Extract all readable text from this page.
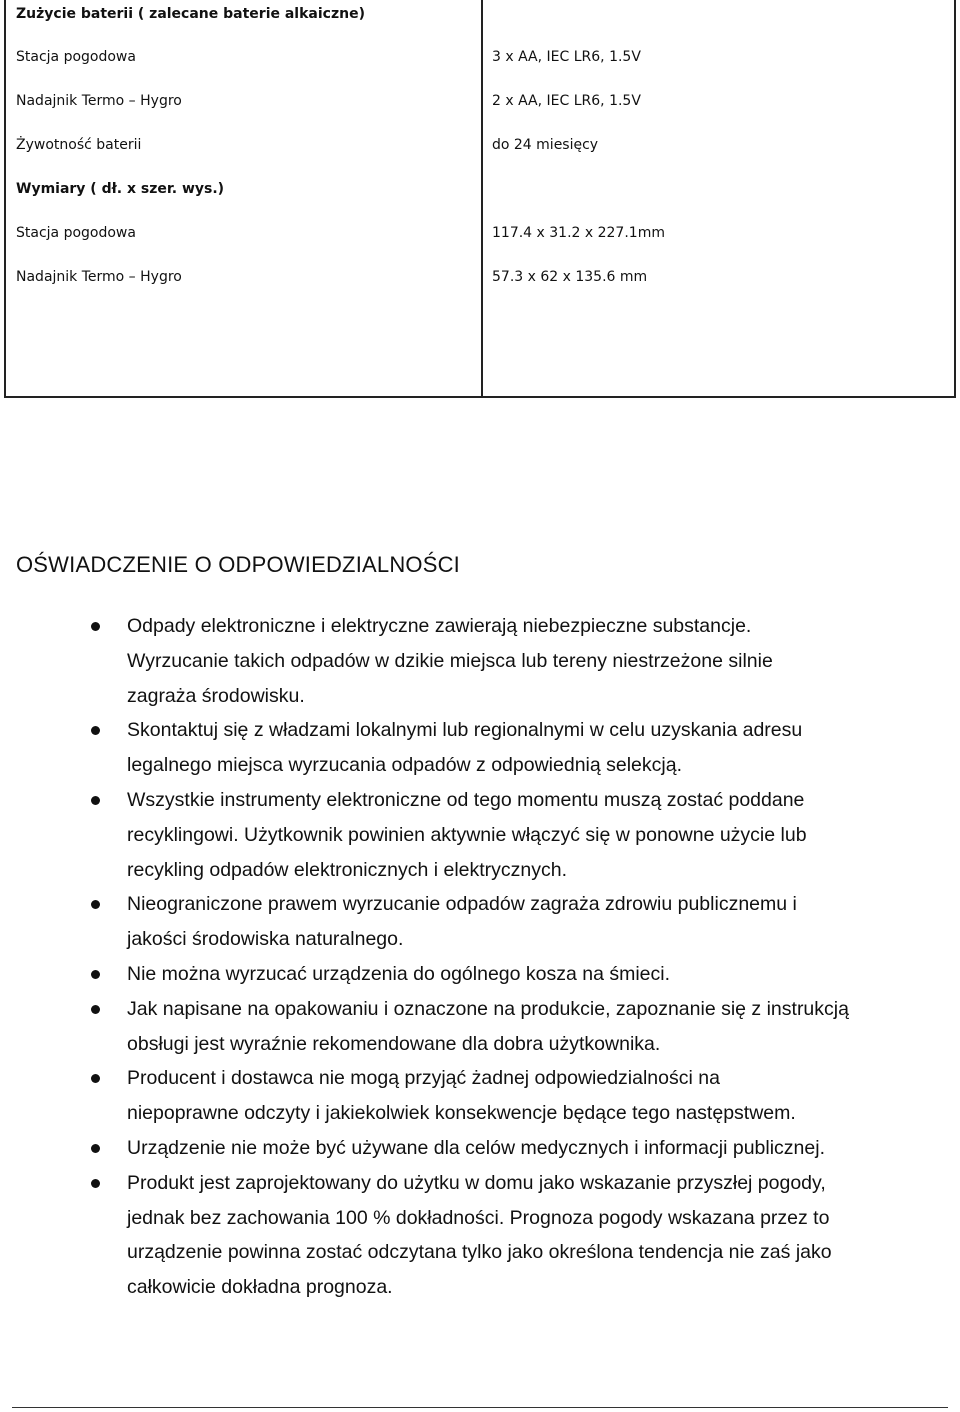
Zużycie baterii ( zalecane baterie alkaiczne)
Stacja pogodowa	3 x AA, IEC LR6, 1.5V
Nadajnik Termo – Hygro	2 x AA, IEC LR6, 1.5V
Żywotność baterii	do 24 miesięcy
Wymiary ( dł. x szer. wys.)
Stacja pogodowa	117.4 x 31.2 x 227.1mm
Nadajnik Termo – Hygro	57.3 x 62 x 135.6 mm
OŚWIADCZENIE O ODPOWIEDZIALNOŚCI
Odpady elektroniczne i elektryczne zawierają niebezpieczne substancje.
Wyrzucanie takich odpadów w dzikie miejsca lub tereny niestrzeżone silnie
zagraża środowisku.
Skontaktuj się z władzami lokalnymi lub regionalnymi w celu uzyskania adresu
legalnego miejsca wyrzucania odpadów z odpowiednią selekcją.
Wszystkie instrumenty elektroniczne od tego momentu muszą zostać poddane
recyklingowi. Użytkownik powinien aktywnie włączyć się w ponowne użycie lub
recykling odpadów elektronicznych i elektrycznych.
Nieograniczone prawem wyrzucanie odpadów zagraża zdrowiu publicznemu i
jakości środowiska naturalnego.
Nie można wyrzucać urządzenia do ogólnego kosza na śmieci.
Jak napisane na opakowaniu i oznaczone na produkcie, zapoznanie się z instrukcją
obsługi jest wyraźnie rekomendowane dla dobra użytkownika.
Producent i dostawca nie mogą przyjąć żadnej odpowiedzialności na
niepoprawne odczyty i jakiekolwiek konsekwencje będące tego następstwem.
Urządzenie nie może być używane dla celów medycznych i informacji publicznej.
Produkt jest zaprojektowany do użytku w domu jako wskazanie przyszłej pogody,
jednak bez zachowania 100 % dokładności. Prognoza pogody wskazana przez to
urządzenie powinna zostać odczytana tylko jako określona tendencja nie zaś jako
całkowicie dokładna prognoza.
